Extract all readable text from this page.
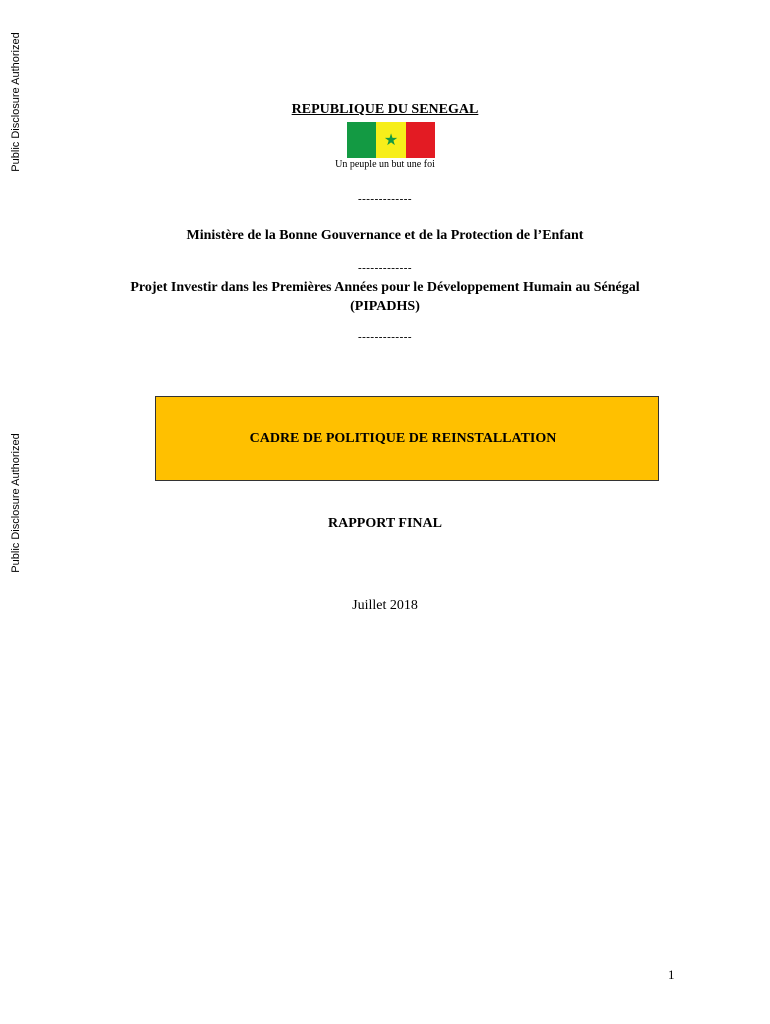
Public Disclosure Authorized
Public Disclosure Authorized
REPUBLIQUE DU SENEGAL
★
Un peuple un but une foi
-------------
Ministère de la Bonne Gouvernance et de la Protection de l’Enfant
-------------
Projet Investir dans les Premières Années pour le Développement Humain au Sénégal
(PIPADHS)
-------------
CADRE DE POLITIQUE DE REINSTALLATION
RAPPORT FINAL
Juillet 2018
1
